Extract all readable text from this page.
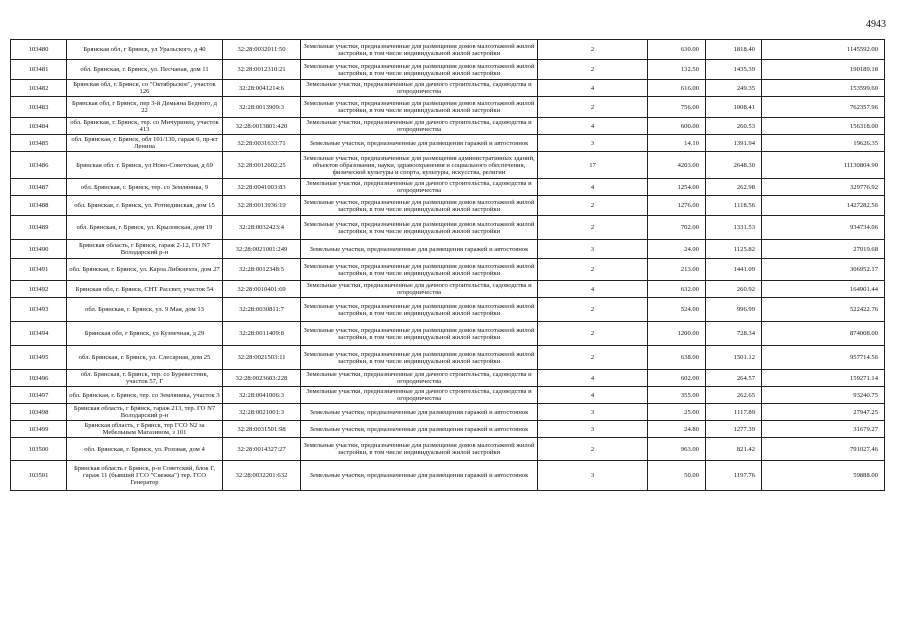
4943
103480	Брянская обл, г Брянск, ул Уральского, д 40	32:28:0032011:50	Земельные участки, предназначенные для размещения домов малоэтажной жилой застройки, в том числе индивидуальной жилой застройки	2	630.00	1818.40	1145592.00
103481	обл. Брянская, г. Брянск, ул. Песчаная, дом 11	32:28:0012310:21	Земельные участки, предназначенные для размещения домов малоэтажной жилой застройки, в том числе индивидуальной жилой застройки	2	132.50	1435.39	190189.18
103482	Брянская обл, г. Брянск, со "Октябрьское", участок 126	32:28:0041214:6	Земельные участки, предназначенные для дачного строительства, садоводства и огородничества	4	616.00	249.35	153599.60
103483	Брянская обл, г Брянск, пер 3-й Демьяна Бедного, д 22	32:28:0013909:3	Земельные участки, предназначенные для размещения домов малоэтажной жилой застройки, в том числе индивидуальной жилой застройки	2	756.00	1008.41	762357.96
103484	обл. Брянская, г. Брянск, тер. со Мичуринец, участок 413	32:28:0013801:420	Земельные участки, предназначенные для дачного строительства, садоводства и огородничества	4	600.00	260.53	156318.00
103485	обл. Брянская, г. Брянск, обл 101/130, гараж 6, пр-кт Ленина	32:28:0031633:71	Земельные участки, предназначенные для размещения гаражей и автостоянок	3	14.10	1391.94	19626.35
103486	Брянская обл. г. Брянск, ул Ново-Советская, д 69	32:28:0012602:25	Земельные участки, предназначенные для размещения административных зданий, объектов образования, науки, здравоохранения и социального обеспечения, физической культуры и спорта, культуры, искусства, религии	17	4203.00	2648.30	11130804.90
103487	обл. Брянская, г. Брянск, тер. со Земляника, 9	32:28:0041003:83	Земельные участки, предназначенные для дачного строительства, садоводства и огородничества	4	1254.00	262.98	329776.92
103488	обл. Брянская, г. Брянск, ул. Ротнединская, дом 15	32:28:0013936:19	Земельные участки, предназначенные для размещения домов малоэтажной жилой застройки, в том числе индивидуальной жилой застройки	2	1276.00	1118.56	1427282.56
103489	обл. Брянская, г. Брянск, ул. Крыловская, дом 19	32:28:0032423:4	Земельные участки, предназначенные для размещения домов малоэтажной жилой застройки, в том числе индивидуальной жилой застройки	2	702.00	1331.53	934734.06
103490	Брянская область, г Брянск, гараж 2-12, ГО N7 Володарский р-н	32:28:0021001:249	Земельные участки, предназначенные для размещения гаражей и автостоянок	3	24.00	1125.82	27019.68
103491	обл. Брянская, г. Брянск, ул. Карла Либкнехта, дом 27	32:28:0012348:5	Земельные участки, предназначенные для размещения домов малоэтажной жилой застройки, в том числе индивидуальной жилой застройки	2	213.00	1441.09	306952.17
103492	Брянская обл, г. Брянск, СНТ Рассвет, участок 54	32:28:0010401:69	Земельные участки, предназначенные для дачного строительства, садоводства и огородничества	4	632.00	260.92	164901.44
103493	обл. Брянская, г. Брянск, ул. 9 Мая, дом 13	32:28:0030811:7	Земельные участки, предназначенные для размещения домов малоэтажной жилой застройки, в том числе индивидуальной жилой застройки	2	524.00	996.99	522422.76
103494	Брянская обл, г Брянск, ул Кузнечная, д 29	32:28:0011409:8	Земельные участки, предназначенные для размещения домов малоэтажной жилой застройки, в том числе индивидуальной жилой застройки	2	1200.00	728.34	874008.00
103495	обл. Брянская, г. Брянск, ул. Слесарная, дом 25	32:28:0021503:11	Земельные участки, предназначенные для размещения домов малоэтажной жилой застройки, в том числе индивидуальной жилой застройки	2	638.00	1501.12	957714.56
103496	обл. Брянская, г. Брянск, тер. со Буревестник, участок 57, Г	32:28:0023603:228	Земельные участки, предназначенные для дачного строительства, садоводства и огородничества	4	602.00	264.57	159271.14
103497	обл. Брянская, г. Брянск, тер. со Земляника, участок 3	32:28:0041006:3	Земельные участки, предназначенные для дачного строительства, садоводства и огородничества	4	355.00	262.65	93240.75
103498	Брянская область, г Брянск, гараж 213, тер. ГО N7 Володарский р-н	32:28:0021001:3	Земельные участки, предназначенные для размещения гаражей и автостоянок	3	25.00	1117.89	27947.25
103499	Брянская область, г Брянск, тер ГСО N2 за Мебельным Магазином, з 101	32:28:0031501:98	Земельные участки, предназначенные для размещения гаражей и автостоянок	3	24.80	1277.39	31679.27
103500	обл. Брянская, г. Брянск, ул. Розовая, дом 4	32:28:0014327:27	Земельные участки, предназначенные для размещения домов малоэтажной жилой застройки, в том числе индивидуальной жилой застройки	2	963.00	821.42	791027.46
103501	Брянская область г Брянск, р-н Советский, блок Г, гараж 11 (бывший ГСО "Свежка") тер. ГСО Генератор	32:28:0032201:632	Земельные участки, предназначенные для размещения гаражей и автостоянок	3	50.00	1197.76	59888.00
